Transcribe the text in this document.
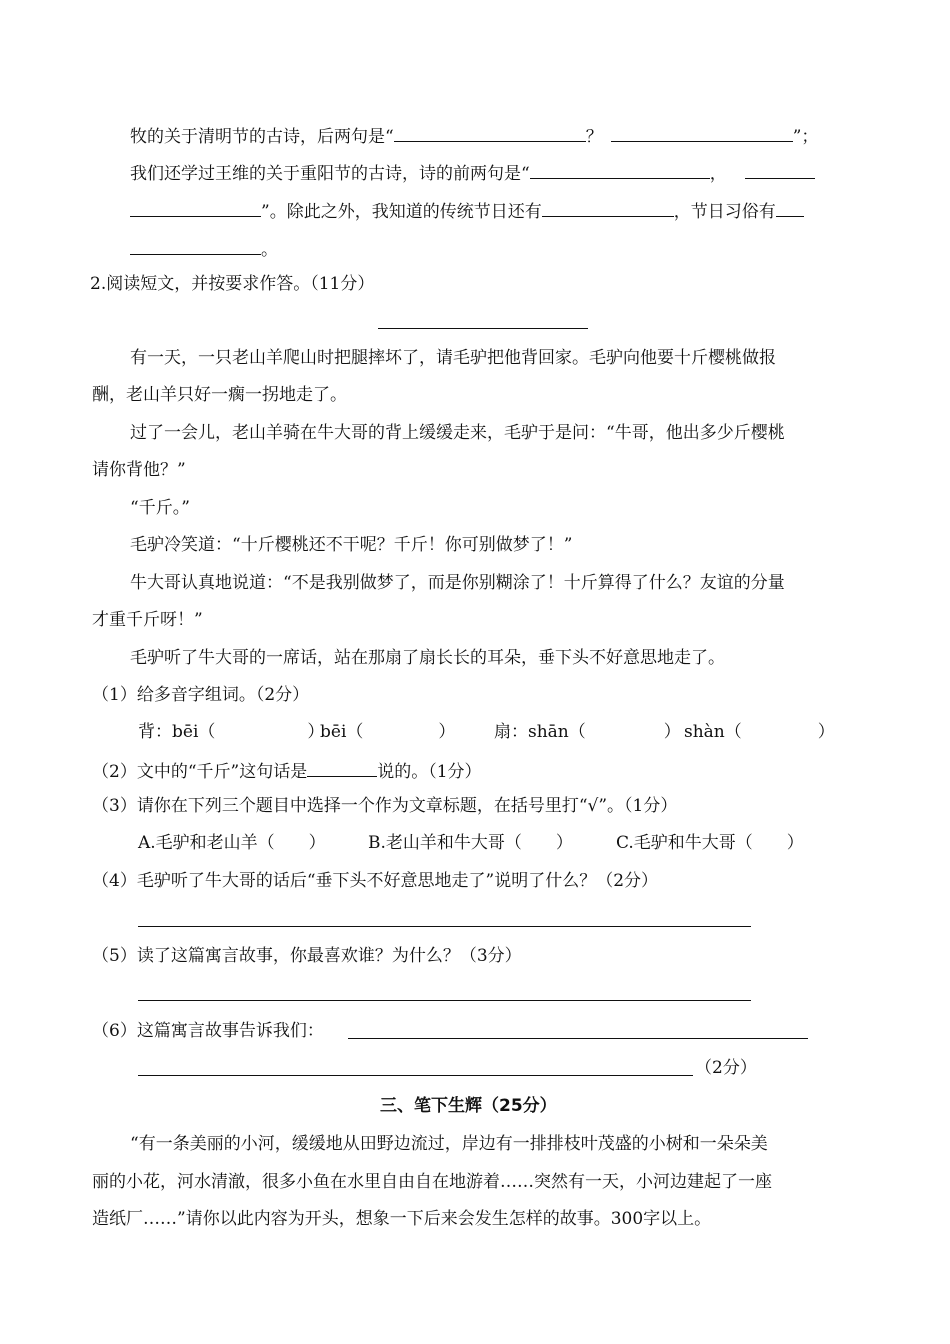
牧的关于清明节的古诗，后两句是“	？	”；
我们还学过王维的关于重阳节的古诗，诗的前两句是“	，
”。除此之外，我知道的传统节日还有	，节日习俗有
。
2.阅读短文，并按要求作答。（11分）
有一天，一只老山羊爬山时把腿摔坏了，请毛驴把他背回家。毛驴向他要十斤樱桃做报
酬，老山羊只好一瘸一拐地走了。
过了一会儿，老山羊骑在牛大哥的背上缓缓走来，毛驴于是问：“牛哥，他出多少斤樱桃
请你背他？”
“千斤。”
毛驴冷笑道：“十斤樱桃还不干呢？千斤！你可别做梦了！”
牛大哥认真地说道：“不是我别做梦了，而是你别糊涂了！十斤算得了什么？友谊的分量
才重千斤呀！”
毛驴听了牛大哥的一席话，站在那扇了扇长长的耳朵，垂下头不好意思地走了。
（1）给多音字组词。（2分）
背：bēi（	）
bēi（	） 扇：shān（	） shàn（	）
（2）文中的“千斤”这句话是	说的。（1分）
（3）请你在下列三个题目中选择一个作为文章标题，在括号里打“√”。（1分）
A.毛驴和老山羊（　　） B.老山羊和牛大哥（　　）	C.毛驴和牛大哥（　　）
（4）毛驴听了牛大哥的话后“垂下头不好意思地走了”说明了什么？（2分）
（5）读了这篇寓言故事，你最喜欢谁？为什么？（3分）
（6）这篇寓言故事告诉我们：
（2分）
三、笔下生辉（25分）
“有一条美丽的小河，缓缓地从田野边流过，岸边有一排排枝叶茂盛的小树和一朵朵美
丽的小花，河水清澈，很多小鱼在水里自由自在地游着……突然有一天，小河边建起了一座
造纸厂……”请你以此内容为开头，想象一下后来会发生怎样的故事。300字以上。
